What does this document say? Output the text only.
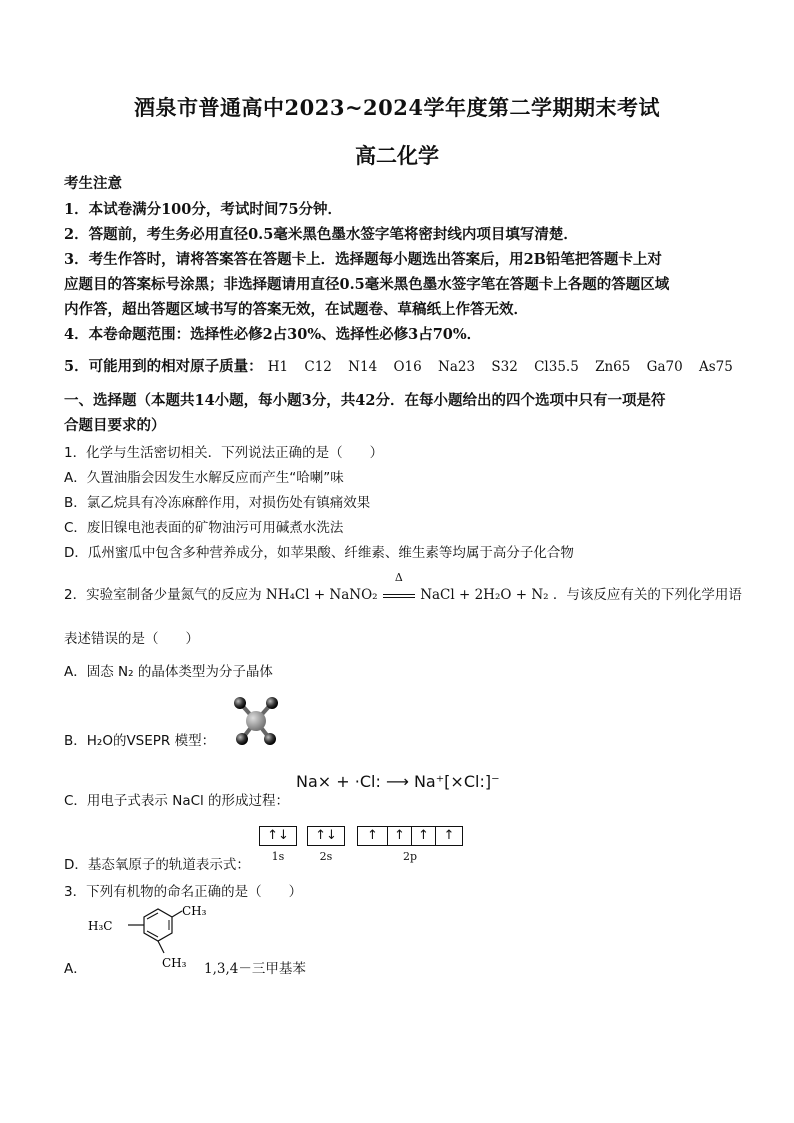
酒泉市普通高中2023~2024学年度第二学期期末考试
高二化学
考生注意
1．本试卷满分100分，考试时间75分钟．
2．答题前，考生务必用直径0.5毫米黑色墨水签字笔将密封线内项目填写清楚．
3．考生作答时，请将答案答在答题卡上．选择题每小题选出答案后，用2B铅笔把答题卡上对
应题目的答案标号涂黑；非选择题请用直径0.5毫米黑色墨水签字笔在答题卡上各题的答题区域
内作答，超出答题区域书写的答案无效，在试题卷、草稿纸上作答无效．
4．本卷命题范围：选择性必修2占30%、选择性必修3占70%．
5．可能用到的相对原子质量： H1 C12 N14 O16 Na23 S32 Cl35.5 Zn65 Ga70 As75
一、选择题（本题共14小题，每小题3分，共42分．在每小题给出的四个选项中只有一项是符
合题目要求的）
1．化学与生活密切相关．下列说法正确的是（　　）
A．久置油脂会因发生水解反应而产生“哈喇”味
B．氯乙烷具有冷冻麻醉作用，对损伤处有镇痛效果
C．废旧镍电池表面的矿物油污可用碱煮水洗法
D．瓜州蜜瓜中包含多种营养成分，如苹果酸、纤维素、维生素等均属于高分子化合物
2．实验室制备少量氮气的反应为 NH₄Cl + NaNO₂
Δ
NaCl + 2H₂O + N₂ ．与该反应有关的下列化学用语
表述错误的是（　　）
A．固态 N₂ 的晶体类型为分子晶体
B．H₂O的VSEPR 模型：
C．用电子式表示 NaCl 的形成过程：
Na× + ·Cl: ⟶ Na⁺[×Cl:]⁻
D．基态氧原子的轨道表示式：
↑↓
1s
↑↓
2s
↑	↑	↑	↑
2p
3．下列有机物的命名正确的是（　　）
A．
H₃C
CH₃
CH₃ 1,3,4－三甲基苯
